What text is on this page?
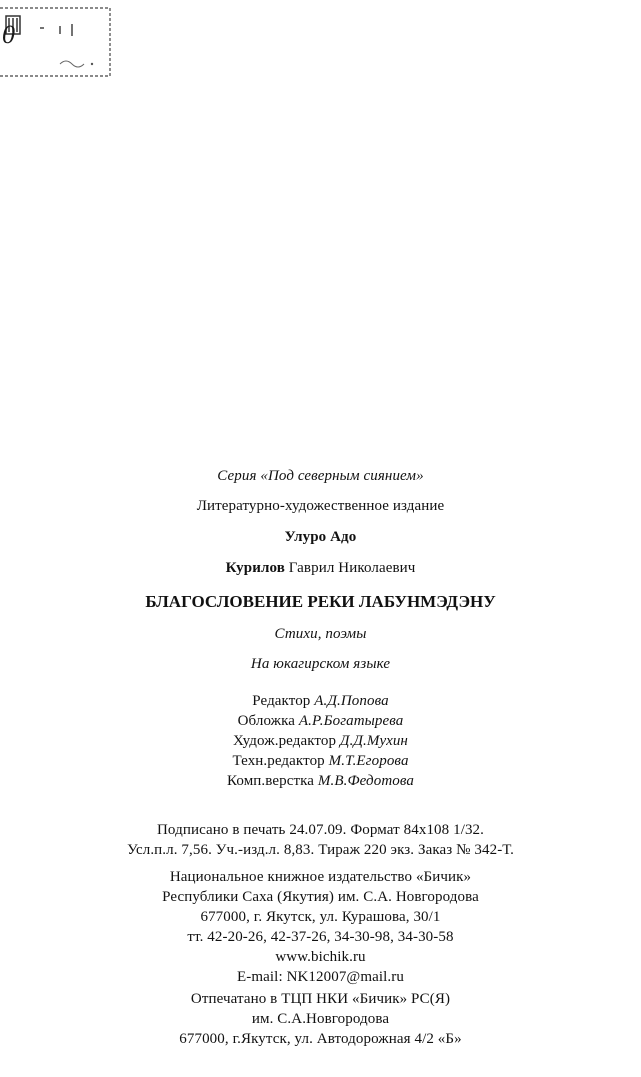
0
Серия «Под северным сиянием»
Литературно-художественное издание
Улуро Адо
Курилов Гаврил Николаевич
БЛАГОСЛОВЕНИЕ РЕКИ ЛАБУНМЭДЭНУ
Стихи, поэмы
На юкагирском языке
Редактор А.Д.Попова
Обложка А.Р.Богатырева
Худож.редактор Д.Д.Мухин
Техн.редактор М.Т.Егорова
Комп.верстка М.В.Федотова
Подписано в печать 24.07.09. Формат 84x108 1/32.
Усл.п.л. 7,56. Уч.-изд.л. 8,83. Тираж 220 экз. Заказ № 342-Т.
Национальное книжное издательство «Бичик»
Республики Саха (Якутия) им. С.А. Новгородова
677000, г. Якутск, ул. Курашова, 30/1
тт. 42-20-26, 42-37-26, 34-30-98, 34-30-58
www.bichik.ru
E-mail: NK12007@mail.ru
Отпечатано в ТЦП НКИ «Бичик» РС(Я)
им. С.А.Новгородова
677000, г.Якутск, ул. Автодорожная 4/2 «Б»
